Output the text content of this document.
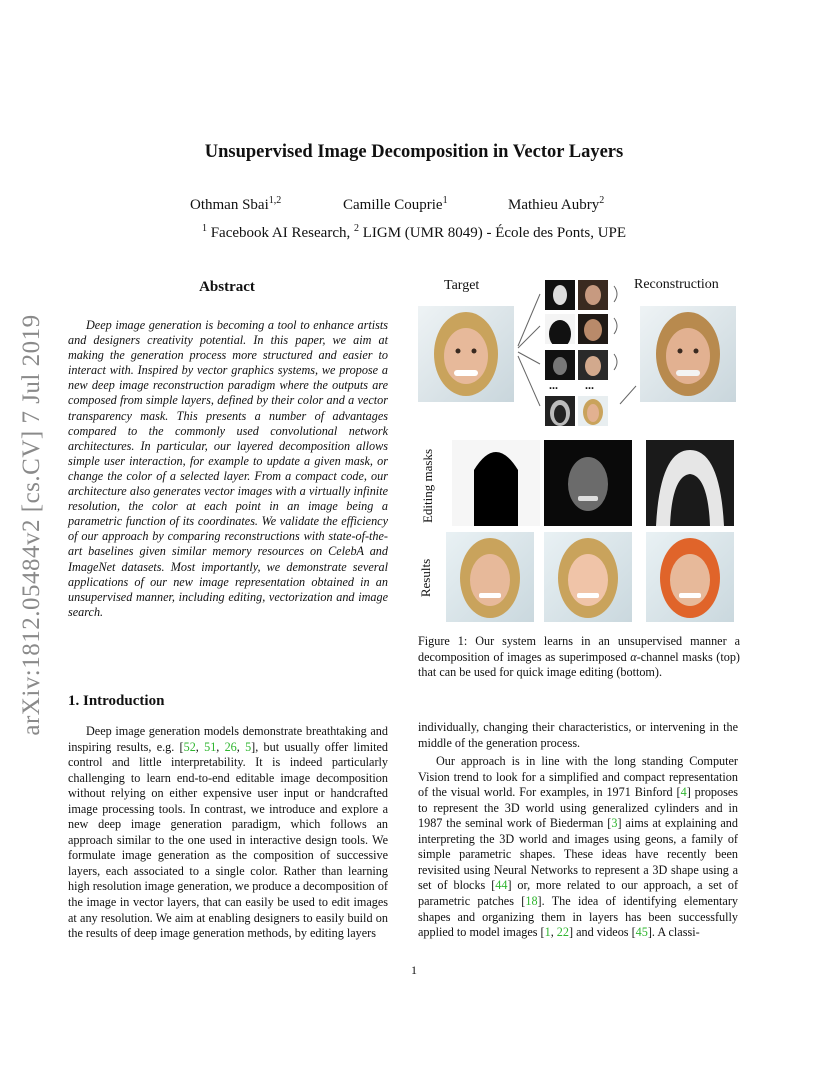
arXiv:1812.05484v2 [cs.CV] 7 Jul 2019
Unsupervised Image Decomposition in Vector Layers
Othman Sbai$^{1,2}$	Camille Couprie$^1$	Mathieu Aubry$^2$
$^1$ Facebook AI Research, $^2$ LIGM (UMR 8049) - École des Ponts, UPE
Abstract
Deep image generation is becoming a tool to enhance artists and designers creativity potential. In this paper, we aim at making the generation process more structured and easier to interact with. Inspired by vector graphics systems, we propose a new deep image reconstruction paradigm where the outputs are composed from simple layers, defined by their color and a vector transparency mask. This presents a number of advantages compared to the commonly used convolutional network architectures. In particular, our layered decomposition allows simple user interaction, for example to update a given mask, or change the color of a selected layer. From a compact code, our architecture also generates vector images with a virtually infinite resolution, the color at each point in an image being a parametric function of its coordinates. We validate the efficiency of our approach by comparing reconstructions with state-of-the-art baselines given similar memory resources on CelebA and ImageNet datasets. Most importantly, we demonstrate several applications of our new image representation obtained in an unsupervised manner, including editing, vectorization and image search.
Target	Reconstruction
... ...
Editing masks
Results
Figure 1: Our system learns in an unsupervised manner a decomposition of images as superimposed α-channel masks (top) that can be used for quick image editing (bottom).
1. Introduction
Deep image generation models demonstrate breathtaking and inspiring results, e.g. [52, 51, 26, 5], but usually offer limited control and little interpretability. It is indeed particularly challenging to learn end-to-end editable image decomposition without relying on either expensive user input or handcrafted image processing tools. In contrast, we introduce and explore a new deep image generation paradigm, which follows an approach similar to the one used in interactive design tools. We formulate image generation as the composition of successive layers, each associated to a single color. Rather than learning high resolution image generation, we produce a decomposition of the image in vector layers, that can easily be used to edit images at any resolution. We aim at enabling designers to easily build on the results of deep image generation methods, by editing layers

individually, changing their characteristics, or intervening in the middle of the generation process.

Our approach is in line with the long standing Computer Vision trend to look for a simplified and compact representation of the visual world. For examples, in 1971 Binford [4] proposes to represent the 3D world using generalized cylinders and in 1987 the seminal work of Biederman [3] aims at explaining and interpreting the 3D world and images using geons, a family of simple parametric shapes. These ideas have recently been revisited using Neural Networks to represent a 3D shape using a set of blocks [44] or, more related to our approach, a set of parametric patches [18]. The idea of identifying elementary shapes and organizing them in layers has been successfully applied to model images [1, 22] and videos [45]. A classi-

1
